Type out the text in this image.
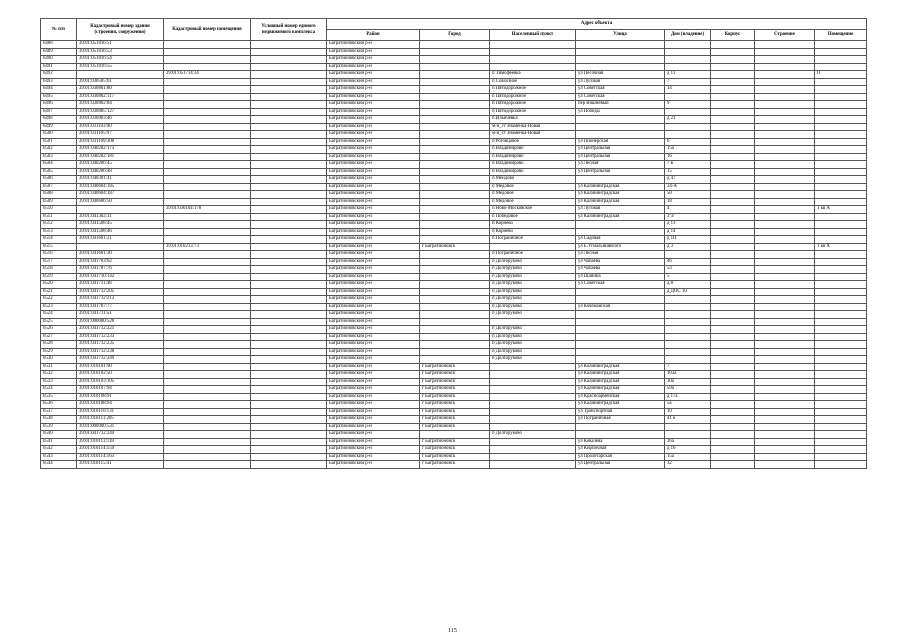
№ п/п	Кадастровый номер здания (строения, сооружения)	Кадастровый номер помещения	Условный номер единого недвижимого комплекса	Адрес объекта							
				Район	Город	Населенный пункт	Улица	Дом (владение)	Корпус	Строение	Помещение
6488	39:01:051816:51			Багратионовский р-н							
6489	39:01:051816:53			Багратионовский р-н							
6490	39:01:051816:54			Багратионовский р-н							
6491	39:01:051816:55			Багратионовский р-н							
6492		39:01:051714:34		Багратионовский р-н		п Тимофеевка	ул Песочная	д 11			II
6493	39:01:030505:61			Багратионовский р-н		п Совхозное	ул Луговая	7			
6494	39:01:030801:80			Багратионовский р-н		п Пятидорожное	ул Советская	14			
6495	39:01:030802:117			Багратионовский р-н		п Пятидорожное	ул Советская				
6496	39:01:030802:84			Багратионовский р-н		п Пятидорожное	пер Вишневый	9			
6497	39:01:030805:127			Багратионовский р-н		п Пятидорожное	ул Победы				
6498	39:01:030903:46			Багратионовский р-н		п Ильичевка		д 21			
6499	39:01:031103:90			Багратионовский р-н		м-й_ст Знаменка-Новая					
6500	39:01:031105:97			Багратионовский р-н		м-й_ст Знаменка-Новая					
6501	39:01:031109:308			Багратионовский р-н		п Роговцовое	ул Пионерская	6			
6502	39:01:040202:173			Багратионовский р-н		п Владимирово	ул Центральная	15а			
6503	39:01:040202:181			Багратионовский р-н		п Владимирово	ул Центральная	16			
6504	39:01:040206:45			Багратионовский р-н		п Владимирово	ул Лесная	7 в			
6505	39:01:040206:48			Багратионовский р-н		п Владимирово	ул Центральная	15			
6506	39:01:040301:41			Багратионовский р-н		п Мейдово		д 47			
6507	39:01:040604:185			Багратионовский р-н		п Медовое	ул Калининградская	34-А			
6508	39:01:040604:187			Багратионовский р-н		п Медовое	ул Калининградская	50			
6509	39:01:040606:50			Багратионовский р-н		п Медовое	ул Калининградская	18			
6510		39:01:030104:178		Багратионовский р-н		п Ново-Московское	ул Луговая	4			1 кв А
6511	39:01:041302:11			Багратионовский р-н		п Победовое	ул Калининградская	3"а"			
6512	39:01:041508:45			Багратионовский р-н		п Корнево		д 13			
6513	39:01:041508:46			Багратионовский р-н		п Корнево		д 14			
6514	39:01:041601:21			Багратионовский р-н		п Пограничное	ул Садовая	д 1П			
6515		39:01:010213:73		Багратионовский р-н	г Багратионовск		ул Е.Усмальниянсого	д 3			1 кв А
6516	39:01:041601:30			Багратионовский р-н		п Пограничное	ул Лесная				
6517	39:01:041703:62			Багратионовский р-н		п Долгоруково	ул Чапаева	46			
6518	39:01:041707:76			Багратионовский р-н		п Долгоруково	ул Чапаева	53			
6519	39:01:041710:142			Багратионовский р-н		п Долгоруково	ул Шанина	5			
6520	39:01:041711:48			Багратионовский р-н		п Долгоруково	ул Советская	д 8			
6521	39:01:041712:205			Багратионовский р-н		п Долгоруково		д ДОС 10			
6522	39:01:041712:213			Багратионовский р-н		п Долгоруково					
6523	39:01:041767:77			Багратионовский р-н		п Долгоруково	ул Кочеманская				
6524	39:01:041711:51			Багратионовский р-н		п Долгоруково					
6525	39:01:000000:520			Багратионовский р-н							
6526	39:01:041712:221			Багратионовский р-н		п Долгоруково					
6527	39:01:041712:233			Багратионовский р-н		п Долгоруково					
6528	39:01:041712:235			Багратионовский р-н		п Долгоруково					
6529	39:01:041712:238			Багратионовский р-н		п Долгоруково					
6530	39:01:041712:249			Багратионовский р-н		п Долгоруково					
6531	39:01:010101:90			Багратионовский р-н	г Багратионовск		ул Калининградская	7			
6532	39:01:010102:50			Багратионовский р-н	г Багратионовск		ул Калининградская	103а			
6533	39:01:010103:105			Багратионовский р-н	г Багратионовск		ул Калининградская	30а			
6534	39:01:010107:94			Багратионовский р-н	г Багратионовск		ул Калининградская	59а			
6535	39:01:010108:91			Багратионовский р-н	г Багратионовск		ул Красноармейская	д 17а			
6536	39:01:010108:94			Багратионовский р-н	г Багратионовск		ул Калининградская	5а			
6537	39:01:010110:131			Багратионовский р-н	г Багратионовск		ул Транспортная	10			
6538	39:01:010111:205			Багратионовский р-н	г Багратионовск		ул Пограничная	41 к			
6539	39:01:000000:531			Багратионовский р-н	г Багратионовск						
6540	39:01:041712:244			Багратионовский р-н		п Долгоруково					
6541	39:01:010113:118			Багратионовский р-н	г Багратионовск		ул Ковалева	16а			
6542	39:01:010114:159			Багратионовский р-н	г Багратионовск		ул Кирпичная	д 16			
6543	39:01:010114:163			Багратионовский р-н	г Багратионовск		ул Пролетарская	15а			
6544	39:01:010115:41			Багратионовский р-н	г Багратионовск		ул Центральная	32			
115
